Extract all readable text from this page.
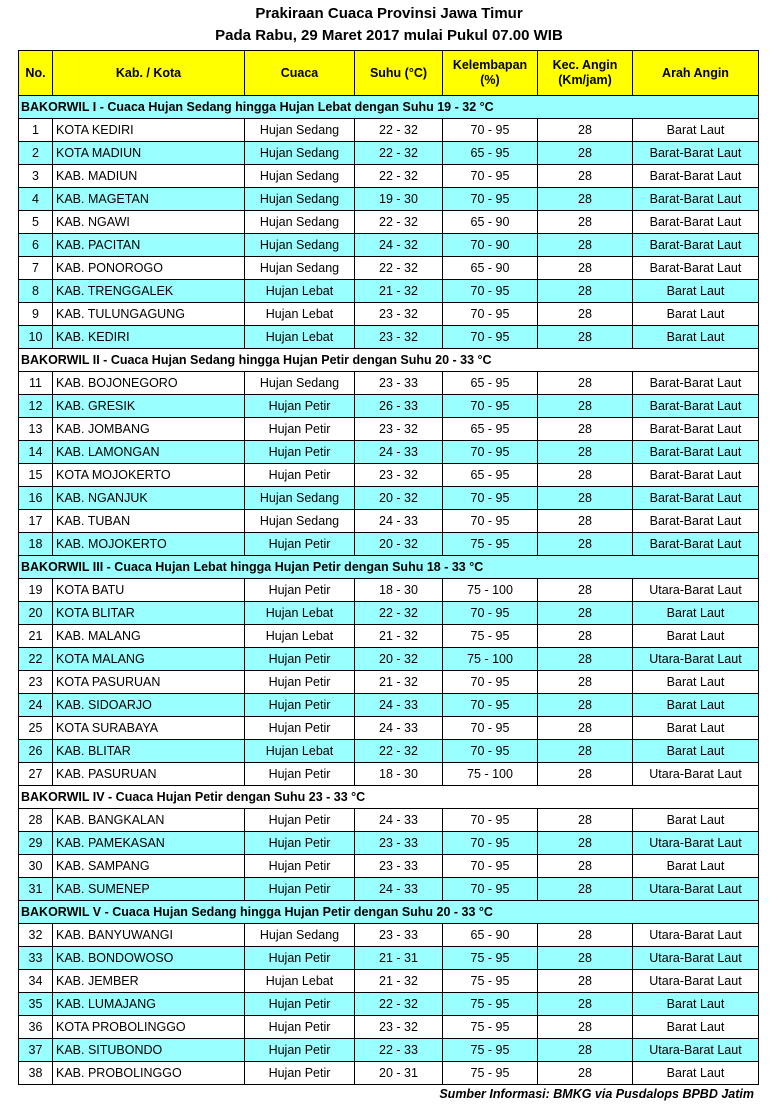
Prakiraan Cuaca Provinsi Jawa Timur
Pada Rabu, 29 Maret 2017 mulai Pukul 07.00 WIB
No.	Kab. / Kota	Cuaca	Suhu (°C)	Kelembapan (%)	Kec. Angin (Km/jam)	Arah Angin
BAKORWIL I - Cuaca Hujan Sedang hingga Hujan Lebat dengan Suhu 19 - 32 °C						
1	KOTA KEDIRI	Hujan Sedang	22 - 32	70 - 95	28	Barat Laut
2	KOTA MADIUN	Hujan Sedang	22 - 32	65 - 95	28	Barat-Barat Laut
3	KAB. MADIUN	Hujan Sedang	22 - 32	70 - 95	28	Barat-Barat Laut
4	KAB. MAGETAN	Hujan Sedang	19 - 30	70 - 95	28	Barat-Barat Laut
5	KAB. NGAWI	Hujan Sedang	22 - 32	65 - 90	28	Barat-Barat Laut
6	KAB. PACITAN	Hujan Sedang	24 - 32	70 - 90	28	Barat-Barat Laut
7	KAB. PONOROGO	Hujan Sedang	22 - 32	65 - 90	28	Barat-Barat Laut
8	KAB. TRENGGALEK	Hujan Lebat	21 - 32	70 - 95	28	Barat Laut
9	KAB. TULUNGAGUNG	Hujan Lebat	23 - 32	70 - 95	28	Barat Laut
10	KAB. KEDIRI	Hujan Lebat	23 - 32	70 - 95	28	Barat Laut
BAKORWIL II - Cuaca Hujan Sedang hingga Hujan Petir dengan Suhu 20 - 33 °C						
11	KAB. BOJONEGORO	Hujan Sedang	23 - 33	65 - 95	28	Barat-Barat Laut
12	KAB. GRESIK	Hujan Petir	26 - 33	70 - 95	28	Barat-Barat Laut
13	KAB. JOMBANG	Hujan Petir	23 - 32	65 - 95	28	Barat-Barat Laut
14	KAB. LAMONGAN	Hujan Petir	24 - 33	70 - 95	28	Barat-Barat Laut
15	KOTA MOJOKERTO	Hujan Petir	23 - 32	65 - 95	28	Barat-Barat Laut
16	KAB. NGANJUK	Hujan Sedang	20 - 32	70 - 95	28	Barat-Barat Laut
17	KAB. TUBAN	Hujan Sedang	24 - 33	70 - 95	28	Barat-Barat Laut
18	KAB. MOJOKERTO	Hujan Petir	20 - 32	75 - 95	28	Barat-Barat Laut
BAKORWIL III - Cuaca Hujan Lebat hingga Hujan Petir dengan Suhu 18 - 33 °C						
19	KOTA BATU	Hujan Petir	18 - 30	75 - 100	28	Utara-Barat Laut
20	KOTA BLITAR	Hujan Lebat	22 - 32	70 - 95	28	Barat Laut
21	KAB. MALANG	Hujan Lebat	21 - 32	75 - 95	28	Barat Laut
22	KOTA MALANG	Hujan Petir	20 - 32	75 - 100	28	Utara-Barat Laut
23	KOTA PASURUAN	Hujan Petir	21 - 32	70 - 95	28	Barat Laut
24	KAB. SIDOARJO	Hujan Petir	24 - 33	70 - 95	28	Barat Laut
25	KOTA SURABAYA	Hujan Petir	24 - 33	70 - 95	28	Barat Laut
26	KAB. BLITAR	Hujan Lebat	22 - 32	70 - 95	28	Barat Laut
27	KAB. PASURUAN	Hujan Petir	18 - 30	75 - 100	28	Utara-Barat Laut
BAKORWIL IV - Cuaca Hujan Petir dengan Suhu 23 - 33 °C						
28	KAB. BANGKALAN	Hujan Petir	24 - 33	70 - 95	28	Barat Laut
29	KAB. PAMEKASAN	Hujan Petir	23 - 33	70 - 95	28	Utara-Barat Laut
30	KAB. SAMPANG	Hujan Petir	23 - 33	70 - 95	28	Barat Laut
31	KAB. SUMENEP	Hujan Petir	24 - 33	70 - 95	28	Utara-Barat Laut
BAKORWIL V - Cuaca Hujan Sedang hingga Hujan Petir dengan Suhu 20 - 33 °C						
32	KAB. BANYUWANGI	Hujan Sedang	23 - 33	65 - 90	28	Utara-Barat Laut
33	KAB. BONDOWOSO	Hujan Petir	21 - 31	75 - 95	28	Utara-Barat Laut
34	KAB. JEMBER	Hujan Lebat	21 - 32	75 - 95	28	Utara-Barat Laut
35	KAB. LUMAJANG	Hujan Petir	22 - 32	75 - 95	28	Barat Laut
36	KOTA PROBOLINGGO	Hujan Petir	23 - 32	75 - 95	28	Barat Laut
37	KAB. SITUBONDO	Hujan Petir	22 - 33	75 - 95	28	Utara-Barat Laut
38	KAB. PROBOLINGGO	Hujan Petir	20 - 31	75 - 95	28	Barat Laut
Sumber Informasi: BMKG via Pusdalops BPBD Jatim
